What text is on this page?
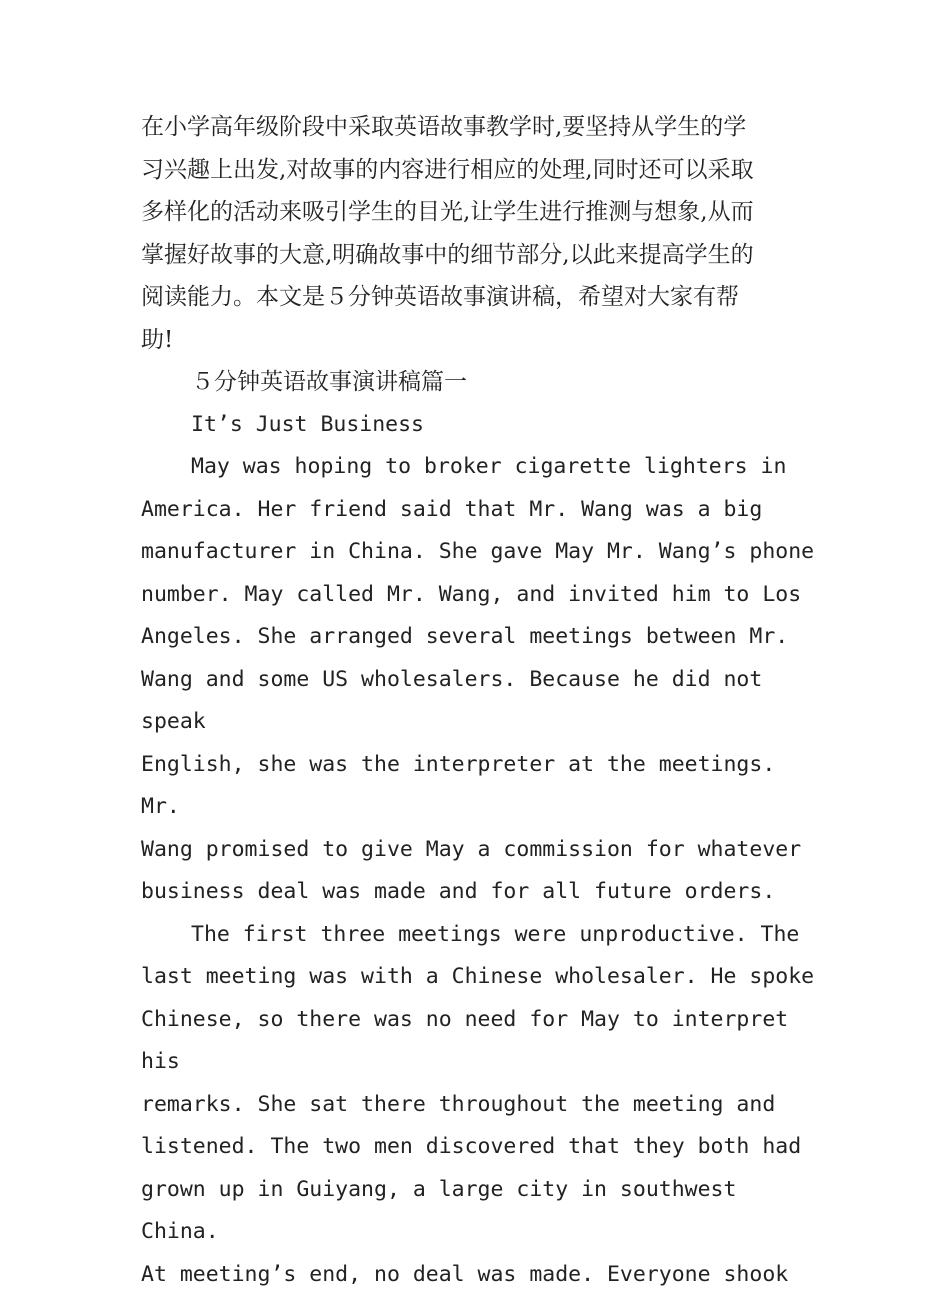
在小学高年级阶段中采取英语故事教学时,要坚持从学生的学
习兴趣上出发,对故事的内容进行相应的处理,同时还可以采取
多样化的活动来吸引学生的目光,让学生进行推测与想象,从而
掌握好故事的大意,明确故事中的细节部分,以此来提高学生的
阅读能力。本文是５分钟英语故事演讲稿，希望对大家有帮
助!

５分钟英语故事演讲稿篇一

It’s Just Business

May was hoping to broker cigarette lighters in
America. Her friend said that Mr. Wang was a big
manufacturer in China. She gave May Mr. Wang’s phone
number. May called Mr. Wang, and invited him to Los
Angeles. She arranged several meetings between Mr.
Wang and some US wholesalers. Because he did not speak
English, she was the interpreter at the meetings. Mr.
Wang promised to give May a commission for whatever
business deal was made and for all future orders.

The first three meetings were unproductive. The
last meeting was with a Chinese wholesaler. He spoke
Chinese, so there was no need for May to interpret his
remarks. She sat there throughout the meeting and
listened. The two men discovered that they both had
grown up in Guiyang, a large city in southwest China.
At meeting’s end, no deal was made. Everyone shook
